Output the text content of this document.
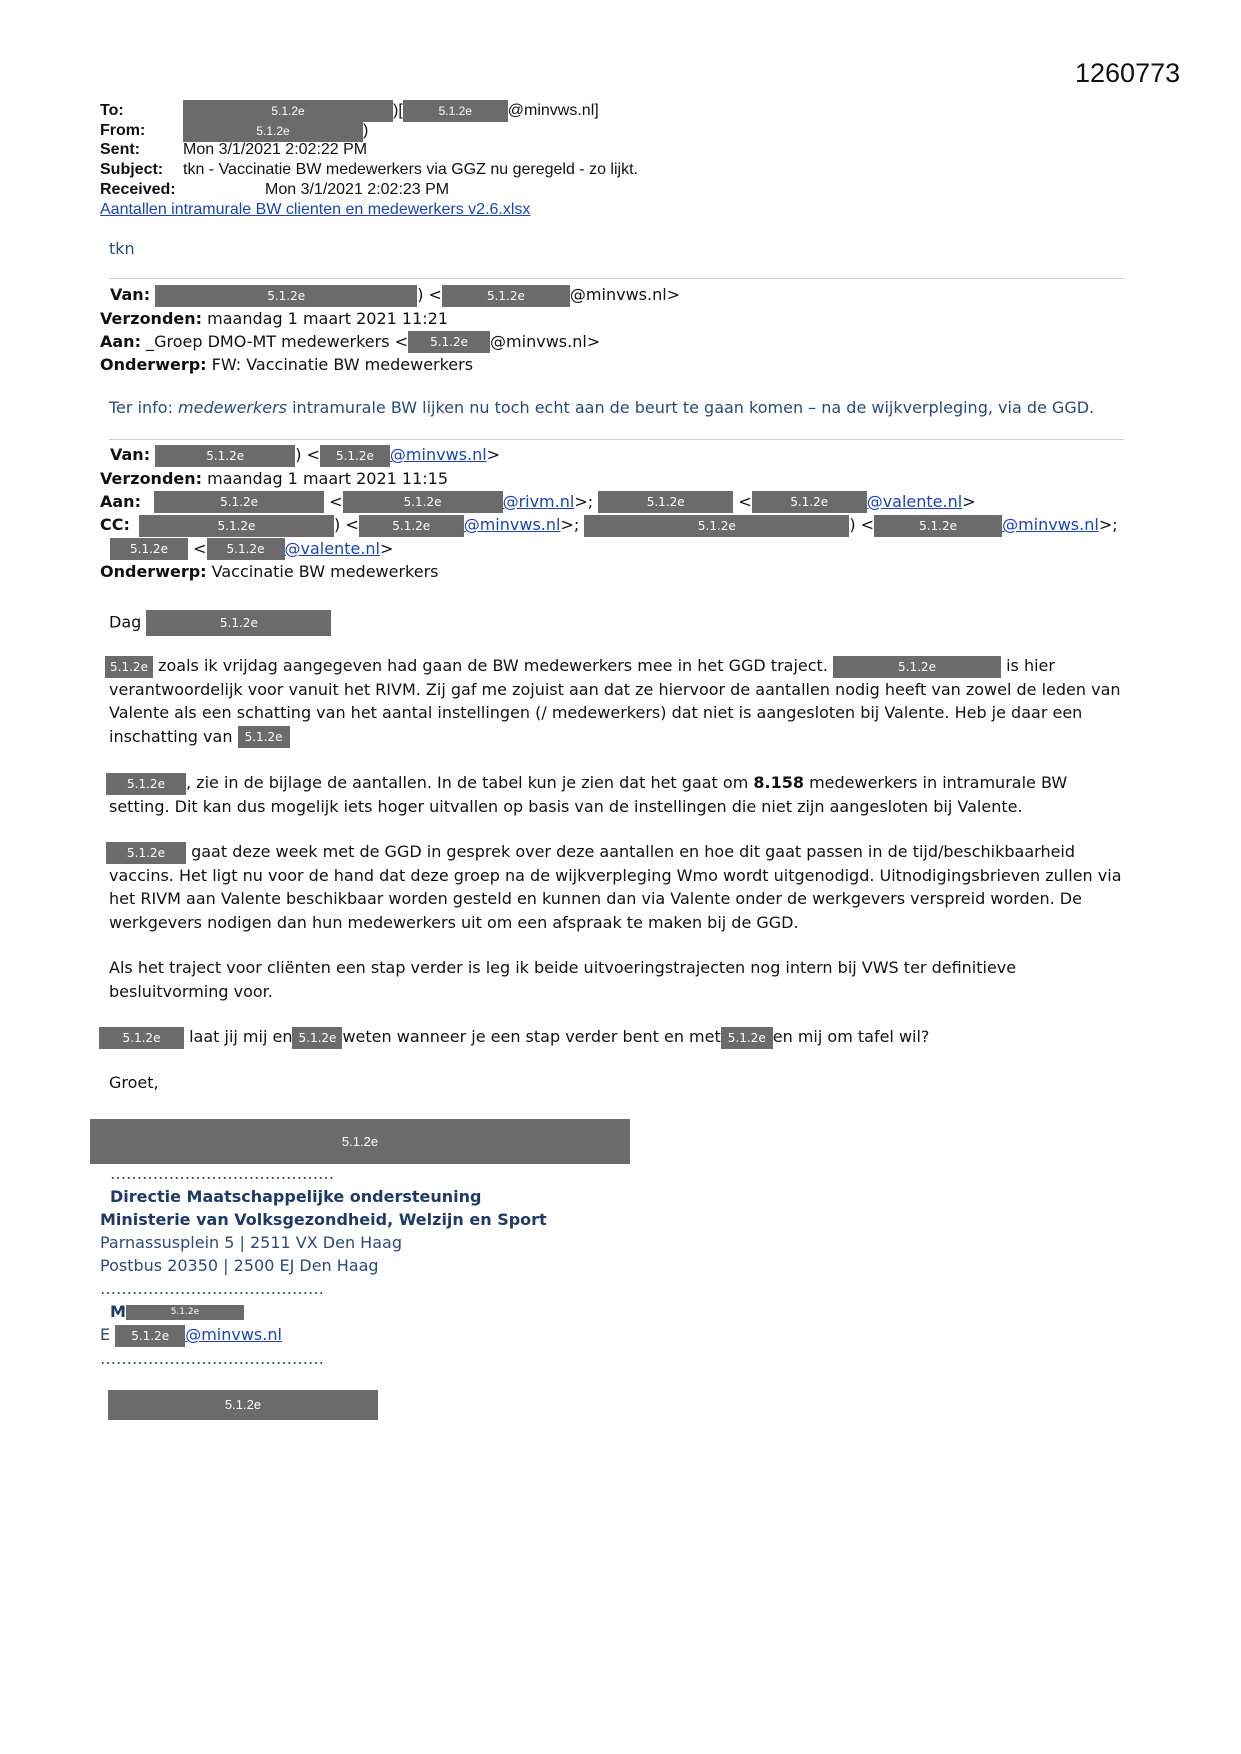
1260773
To:	5.1.2e	)[	5.1.2e @minvws.nl]
From:	5.1.2e	)
Sent:	Mon 3/1/2021 2:02:22 PM
Subject: tkn - Vaccinatie BW medewerkers via GGZ nu geregeld - zo lijkt.
Received:	Mon 3/1/2021 2:02:23 PM
Aantallen intramurale BW clienten en medewerkers v2.6.xlsx
tkn
Van:	5.1.2e	) <	5.1.2e	@minvws.nl>
Verzonden: maandag 1 maart 2021 11:21
Aan: _Groep DMO-MT medewerkers < 5.1.2e @minvws.nl>
Onderwerp: FW: Vaccinatie BW medewerkers
Ter info: medewerkers intramurale BW lijken nu toch echt aan de beurt te gaan komen – na de wijkverpleging, via de GGD.
Van:	5.1.2e	) < 5.1.2e @minvws.nl>
Verzonden: maandag 1 maart 2021 11:15
Aan:	5.1.2e	<	5.1.2e	@rivm.nl>;	5.1.2e	<	5.1.2e @valente.nl>
CC:	5.1.2e	) <	5.1.2e @minvws.nl>;	5.1.2e	) <	5.1.2e	@minvws.nl>;
5.1.2e < 5.1.2e @valente.nl>
Onderwerp: Vaccinatie BW medewerkers
Dag	5.1.2e
5.1.2e zoals ik vrijdag aangegeven had gaan de BW medewerkers mee in het GGD traject.	5.1.2e	is hier verantwoordelijk voor vanuit het RIVM. Zij gaf me zojuist aan dat ze hiervoor de aantallen nodig heeft van zowel de leden van Valente als een schatting van het aantal instellingen (/ medewerkers) dat niet is aangesloten bij Valente. Heb je daar een inschatting van 5.1.2e
5.1.2e , zie in de bijlage de aantallen. In de tabel kun je zien dat het gaat om 8.158 medewerkers in intramurale BW setting. Dit kan dus mogelijk iets hoger uitvallen op basis van de instellingen die niet zijn aangesloten bij Valente.
5.1.2e gaat deze week met de GGD in gesprek over deze aantallen en hoe dit gaat passen in de tijd/beschikbaarheid vaccins. Het ligt nu voor de hand dat deze groep na de wijkverpleging Wmo wordt uitgenodigd. Uitnodigingsbrieven zullen via het RIVM aan Valente beschikbaar worden gesteld en kunnen dan via Valente onder de werkgevers verspreid worden. De werkgevers nodigen dan hun medewerkers uit om een afspraak te maken bij de GGD.
Als het traject voor cliënten een stap verder is leg ik beide uitvoeringstrajecten nog intern bij VWS ter definitieve besluitvorming voor.
5.1.2e laat jij mij en 5.1.2e weten wanneer je een stap verder bent en met 5.1.2e en mij om tafel wil?
Groet,
5.1.2e
……………………………………
Directie Maatschappelijke ondersteuning
Ministerie van Volksgezondheid, Welzijn en Sport
Parnassusplein 5 | 2511 VX Den Haag
Postbus 20350 | 2500 EJ Den Haag
……………………………………
M	5.1.2e
E 5.1.2e @minvws.nl
……………………………………
5.1.2e
